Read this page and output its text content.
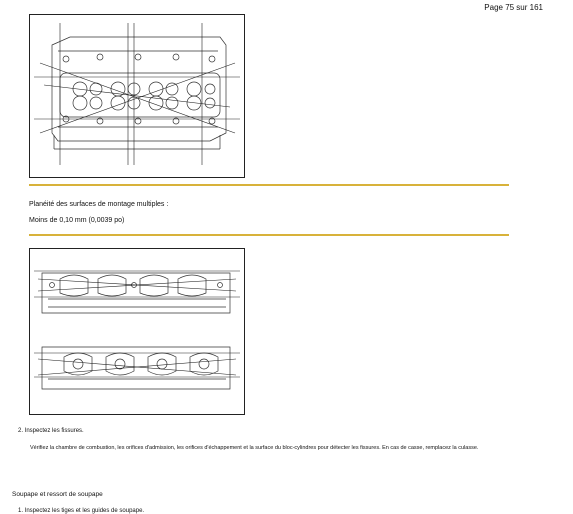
Page 75 sur 161
Planéité des surfaces de montage multiples :
Moins de 0,10 mm (0,0039 po)
2. Inspectez les fissures.
Vérifiez la chambre de combustion, les orifices d'admission, les orifices d'échappement et la surface du bloc-cylindres pour détecter les fissures. En cas de casse, remplacez la culasse.
Soupape et ressort de soupape
1. Inspectez les tiges et les guides de soupape.
